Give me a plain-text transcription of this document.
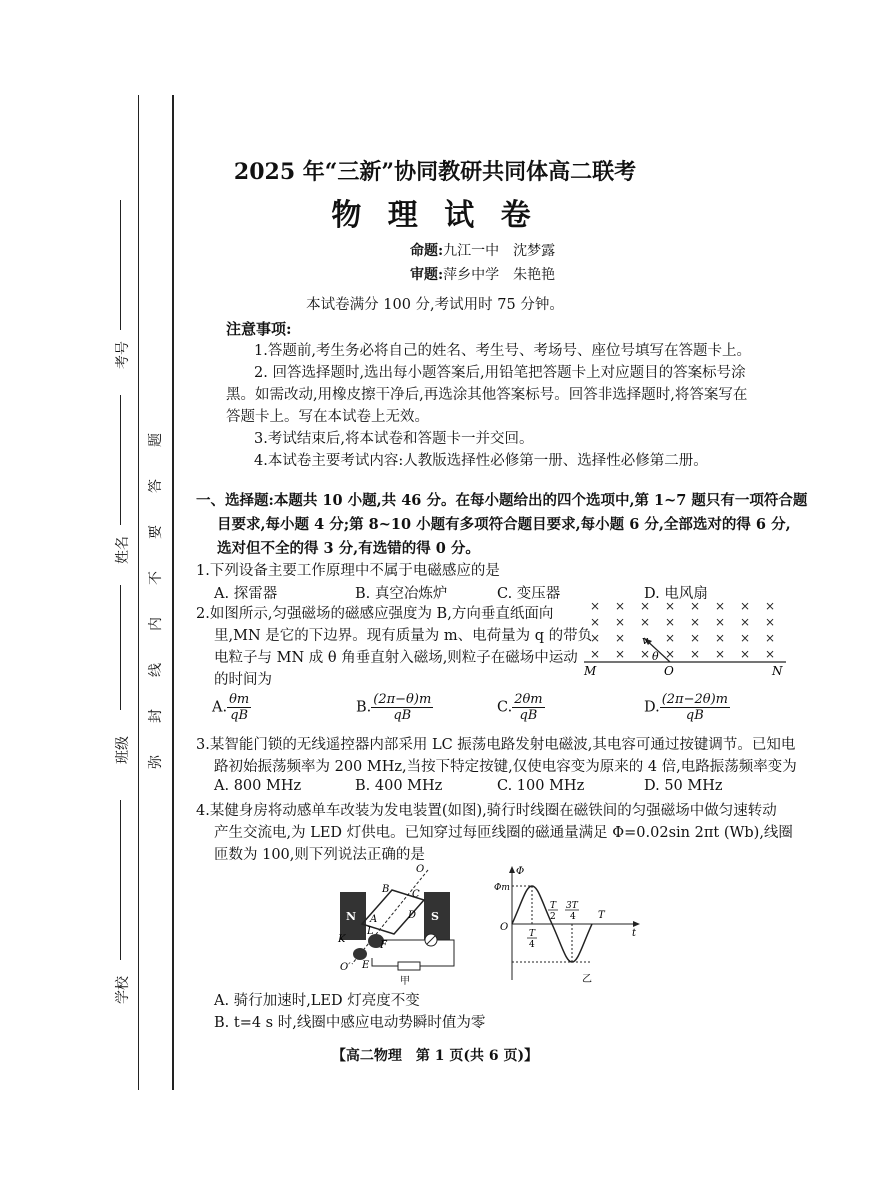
考号
姓名
班级
学校
弥
封
线
内
不
要
答
题
2025 年“三新”协同教研共同体高二联考
物 理 试 卷
命题:九江一中　沈梦露
审题:萍乡中学　朱艳艳
本试卷满分 100 分,考试用时 75 分钟。
注意事项:
1.答题前,考生务必将自己的姓名、考生号、考场号、座位号填写在答题卡上。
2. 回答选择题时,选出每小题答案后,用铅笔把答题卡上对应题目的答案标号涂
黑。如需改动,用橡皮擦干净后,再选涂其他答案标号。回答非选择题时,将答案写在
答题卡上。写在本试卷上无效。
3.考试结束后,将本试卷和答题卡一并交回。
4.本试卷主要考试内容:人教版选择性必修第一册、选择性必修第二册。
一、选择题:本题共 10 小题,共 46 分。在每小题给出的四个选项中,第 1~7 题只有一项符合题
目要求,每小题 4 分;第 8~10 小题有多项符合题目要求,每小题 6 分,全部选对的得 6 分,
选对但不全的得 3 分,有选错的得 0 分。
1.下列设备主要工作原理中不属于电磁感应的是
A. 探雷器	B. 真空冶炼炉	C. 变压器	D. 电风扇
2.如图所示,匀强磁场的磁感应强度为 B,方向垂直纸面向
里,MN 是它的下边界。现有质量为 m、电荷量为 q 的带负
电粒子与 MN 成 θ 角垂直射入磁场,则粒子在磁场中运动
的时间为
× × × × × × × ×
× × × × × × × ×
× ×	× × × × ×
× × × × × × × ×
v
θ
M	O	N
A. $\frac{\theta m}{qB}$	B. $\frac{(2\pi-\theta)m}{qB}$	C. $\frac{2\theta m}{qB}$	D. $\frac{(2\pi-2\theta)m}{qB}$
3.某智能门锁的无线遥控器内部采用 LC 振荡电路发射电磁波,其电容可通过按键调节。已知电
路初始振荡频率为 200 MHz,当按下特定按键,仅使电容变为原来的 4 倍,电路振荡频率变为
A. 800 MHz	B. 400 MHz	C. 100 MHz	D. 50 MHz
4.某健身房将动感单车改装为发电装置(如图),骑行时线圈在磁铁间的匀强磁场中做匀速转动
产生交流电,为 LED 灯供电。已知穿过每匝线圈的磁通量满足 Φ=0.02sin 2πt (Wb),线圈
匝数为 100,则下列说法正确的是
N	S
O
A
B C
D
K
L
F
E
O′
甲
Φ
Φm
O
t
T
4
T
2
3T
4 T
乙
A. 骑行加速时,LED 灯亮度不变
B. t=4 s 时,线圈中感应电动势瞬时值为零
【高二物理　第 1 页(共 6 页)】
